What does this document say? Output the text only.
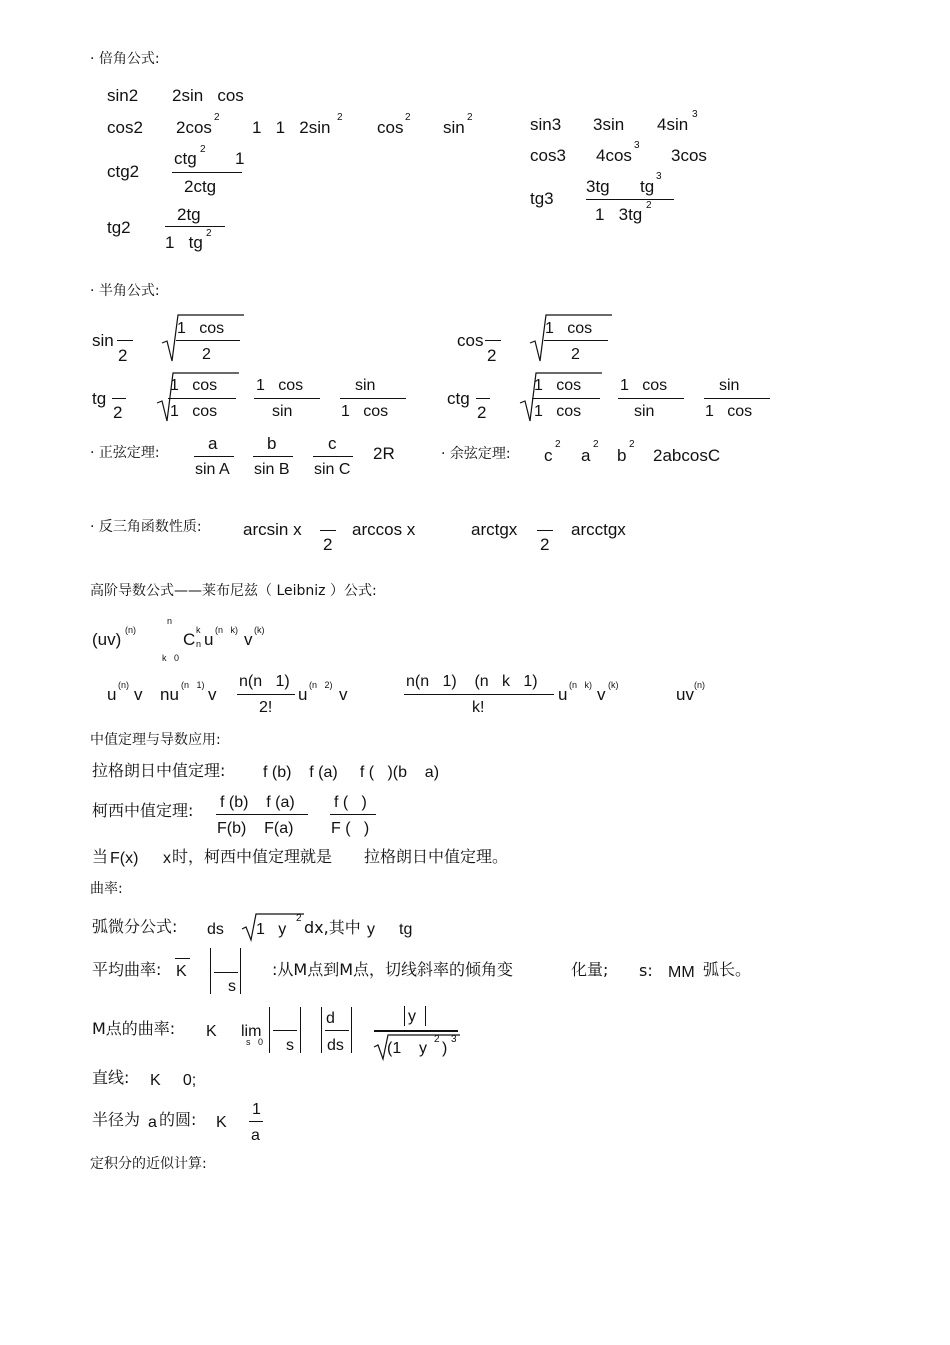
· 倍角公式:
sin2 2sin   cos
cos2 2cos
2
1   1   2sin
2
cos
2
sin
2
ctg2
ctg 2 1
2ctg
tg2
2tg
1   tg 2
sin3 3sin 4sin
3
cos3 4cos
3
3cos
tg3
3tg tg
3
1   3tg 2
· 半角公式:
sin
2
1   cos
2
cos
2
1   cos
2
tg
2
1   cos
1   cos
1   cos
sin
sin
1   cos
ctg
2
1   cos
1   cos
1   cos
sin
sin
1   cos
· 正弦定理:	a
sin A
b
sin B
c
sin C
2R	· 余弦定理: c
2
a
2
b
2
2abcosC
· 反三角函数性质: arcsin x
2
arccos x	arctgx
2
arcctgx
高阶导数公式——莱布尼兹（ Leibniz ）公式:
(uv) (n)
n
k   0
C k
n u (n   k) v (k)
u (n) v nu (n   1) v
n(n   1)
2!
u (n   2) v
n(n   1)    (n   k   1)
k!
u (n   k) v (k)	uv (n)
中值定理与导数应用:
拉格朗日中值定理: f (b)    f (a)     f (   )(b    a)
柯西中值定理: f (b)    f (a)
F(b)    F(a)
f (   )
F (   )
当 F(x) x 时，柯西中值定理就是 拉格朗日中值定理。
曲率:
弧微分公式: ds 1   y
2 dx,其中 y tg
平均曲率: K
s
:从M点到M点，切线斜率的倾角变	化量; s: MM 弧长。
M点的曲率: K lim
s   0 s
d
ds
y
(1    y
2
)
3
直线: K     0;
半径为 a 的圆: K
1
a
定积分的近似计算:
